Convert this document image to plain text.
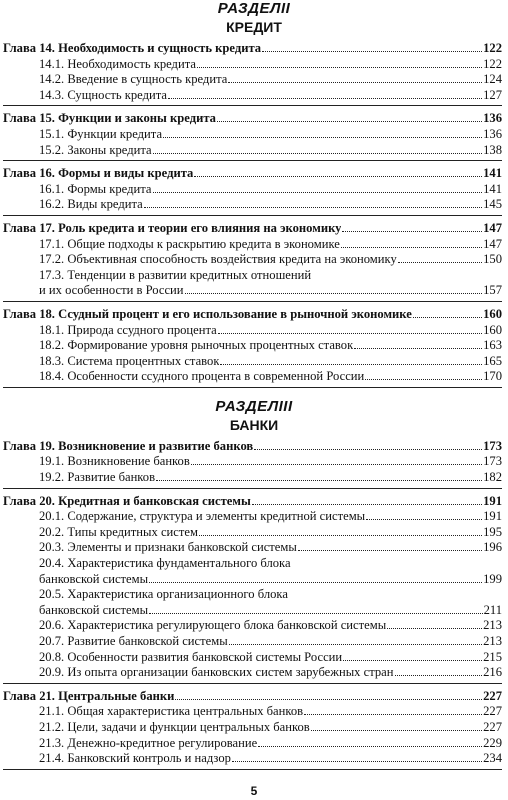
РАЗДЕЛII
КРЕДИТ
Глава 14. Необходимость и сущность кредита	122
14.1. Необходимость кредита	122
14.2. Введение в сущность кредита	124
14.3. Сущность кредита	127
Глава 15. Функции и законы кредита	136
15.1. Функции кредита	136
15.2. Законы кредита	138
Глава 16. Формы и виды кредита	141
16.1. Формы кредита	141
16.2. Виды кредита	145
Глава 17. Роль кредита и теории его влияния на экономику	147
17.1. Общие подходы к раскрытию кредита в экономике	147
17.2. Объективная способность воздействия кредита на экономику	150
17.3. Тенденции в развитии кредитных отношений
и их особенности в России	157
Глава 18. Ссудный процент и его использование в рыночной экономике	160
18.1. Природа ссудного процента	160
18.2. Формирование уровня рыночных процентных ставок	163
18.3. Система процентных ставок	165
18.4. Особенности ссудного процента в современной России	170
РАЗДЕЛIII
БАНКИ
Глава 19. Возникновение и развитие банков	173
19.1. Возникновение банков	173
19.2. Развитие банков	182
Глава 20. Кредитная и банковская системы	191
20.1. Содержание, структура и элементы кредитной системы	191
20.2. Типы кредитных систем	195
20.3. Элементы и признаки банковской системы	196
20.4. Характеристика фундаментального блока
банковской системы	199
20.5. Характеристика организационного блока
банковской системы	211
20.6. Характеристика регулирующего блока банковской системы	213
20.7. Развитие банковской системы	213
20.8. Особенности развития банковской системы России	215
20.9. Из опыта организации банковских систем зарубежных стран	216
Глава 21. Центральные банки	227
21.1. Общая характеристика центральных банков	227
21.2. Цели, задачи и функции центральных банков	227
21.3. Денежно-кредитное регулирование	229
21.4. Банковский контроль и надзор	234
5
